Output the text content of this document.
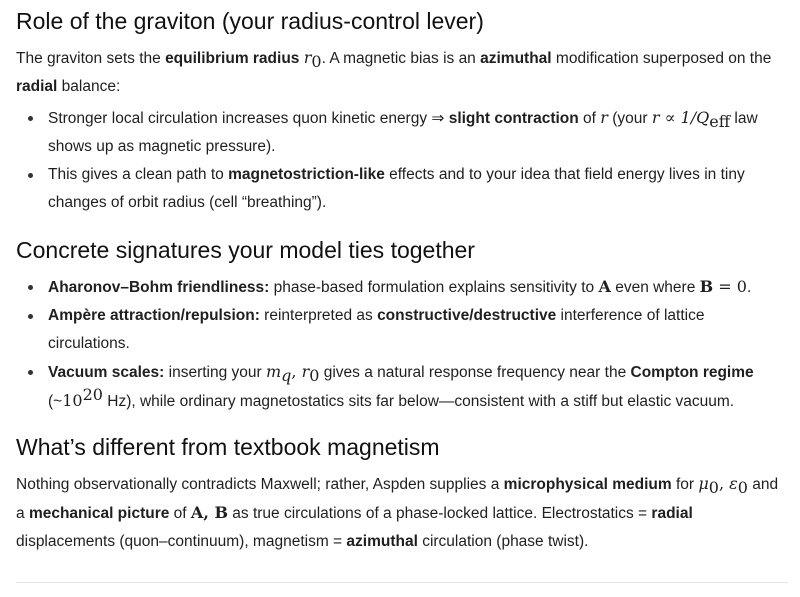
Role of the graviton (your radius-control lever)

The graviton sets the equilibrium radius $r_0$. A magnetic bias is an azimuthal modification superposed on the radial balance:

Stronger local circulation increases quon kinetic energy ⇒ slight contraction of r (your $r \propto 1/Q_{eff}$ law shows up as magnetic pressure).
This gives a clean path to magnetostriction-like effects and to your idea that field energy lives in tiny changes of orbit radius (cell “breathing”).
Concrete signatures your model ties together
Aharonov–Bohm friendliness: phase-based formulation explains sensitivity to A even where B = 0.
Ampère attraction/repulsion: reinterpreted as constructive/destructive interference of lattice circulations.
Vacuum scales: inserting your $m_q$, $r_0$ gives a natural response frequency near the Compton regime ($\sim 10^{20}$ Hz), while ordinary magnetostatics sits far below—consistent with a stiff but elastic vacuum.
What’s different from textbook magnetism

Nothing observationally contradicts Maxwell; rather, Aspden supplies a microphysical medium for $\mu_0$, $\varepsilon_0$ and a mechanical picture of A, B as true circulations of a phase-locked lattice. Electrostatics = radial displacements (quon–continuum), magnetism = azimuthal circulation (phase twist).
